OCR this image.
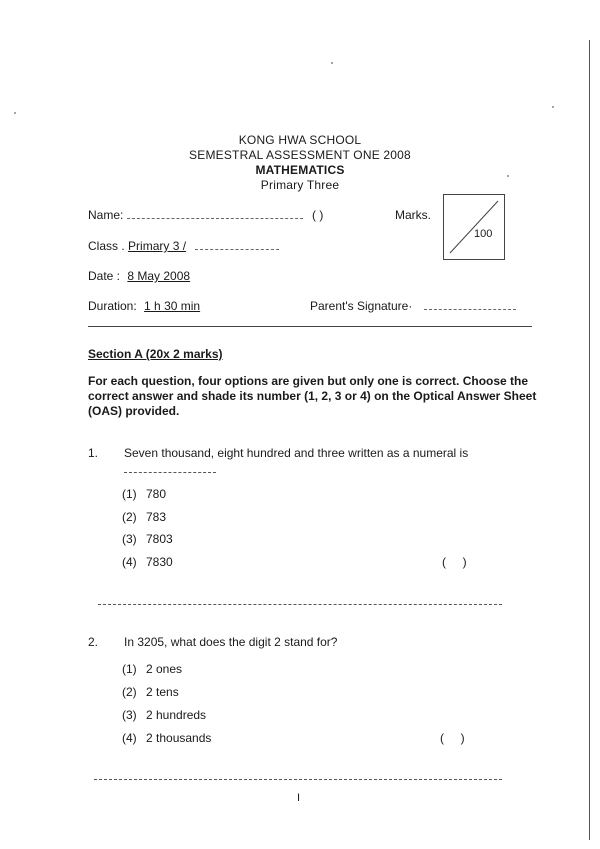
KONG HWA SCHOOL
SEMESTRAL ASSESSMENT ONE 2008
MATHEMATICS
Primary Three
Name:	( )	Marks.
100
Class . Primary 3 /
Date : 8 May 2008
Duration: 1 h 30 min	Parent's Signature·
Section A (20x 2 marks)
For each question, four options are given but only one is correct. Choose the correct answer and shade its number (1, 2, 3 or 4) on the Optical Answer Sheet (OAS) provided.
1. Seven thousand, eight hundred and three written as a numeral is
(1) 780
(2) 783
(3) 7803
(4) 7830	(     )
2. In 3205, what does the digit 2 stand for?
(1) 2 ones
(2) 2 tens
(3) 2 hundreds
(4) 2 thousands	(     )
I
